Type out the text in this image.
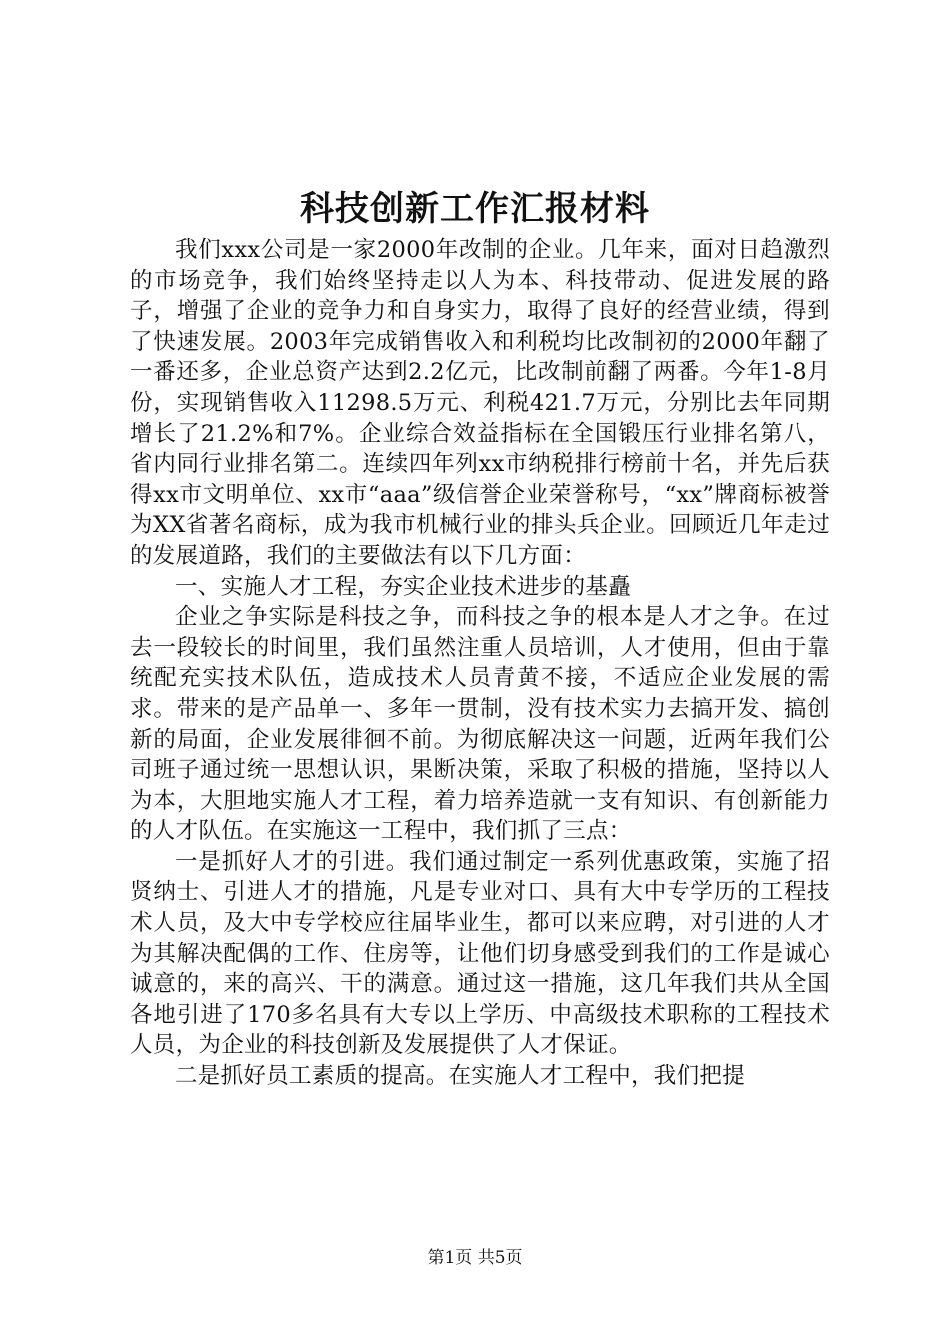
科技创新工作汇报材料

我们xxx公司是一家2000年改制的企业。几年来，面对日趋激烈的市场竞争，我们始终坚持走以人为本、科技带动、促进发展的路子，增强了企业的竞争力和自身实力，取得了良好的经营业绩，得到了快速发展。2003年完成销售收入和利税均比改制初的2000年翻了一番还多，企业总资产达到2.2亿元，比改制前翻了两番。今年1-8月份，实现销售收入11298.5万元、利税421.7万元，分别比去年同期增长了21.2%和7%。企业综合效益指标在全国锻压行业排名第八，省内同行业排名第二。连续四年列xx市纳税排行榜前十名，并先后获得xx市文明单位、xx市“aaa”级信誉企业荣誉称号，“xx”牌商标被誉为XX省著名商标，成为我市机械行业的排头兵企业。回顾近几年走过的发展道路，我们的主要做法有以下几方面：

一、实施人才工程，夯实企业技术进步的基矗

企业之争实际是科技之争，而科技之争的根本是人才之争。在过去一段较长的时间里，我们虽然注重人员培训，人才使用，但由于靠统配充实技术队伍，造成技术人员青黄不接，不适应企业发展的需求。带来的是产品单一、多年一贯制，没有技术实力去搞开发、搞创新的局面，企业发展徘徊不前。为彻底解决这一问题，近两年我们公司班子通过统一思想认识，果断决策，采取了积极的措施，坚持以人为本，大胆地实施人才工程，着力培养造就一支有知识、有创新能力的人才队伍。在实施这一工程中，我们抓了三点：

一是抓好人才的引进。我们通过制定一系列优惠政策，实施了招贤纳士、引进人才的措施，凡是专业对口、具有大中专学历的工程技术人员，及大中专学校应往届毕业生，都可以来应聘，对引进的人才为其解决配偶的工作、住房等，让他们切身感受到我们的工作是诚心诚意的，来的高兴、干的满意。通过这一措施，这几年我们共从全国各地引进了170多名具有大专以上学历、中高级技术职称的工程技术人员，为企业的科技创新及发展提供了人才保证。

二是抓好员工素质的提高。在实施人才工程中，我们把提

第1页 共5页
